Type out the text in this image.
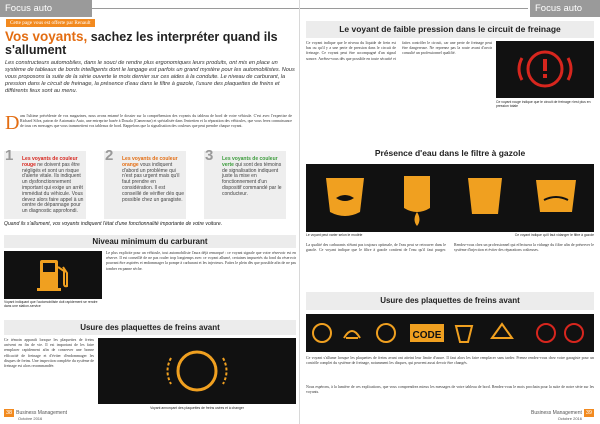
Focus auto
Cette page vous est offerte par Renault
Vos voyants, sachez les interpréter quand ils s'allument
Les constructeurs automobiles, dans le souci de rendre plus ergonomiques leurs produits, ont mis en place un système de tableaux de bords intelligents dont le langage est parfois un grand mystère pour les automobilistes. Nous vous proposons la suite de la série ouverte le mois dernier sur ces aides à la conduite. Le niveau de carburant, la pression dans le circuit de freinage, la présence d'eau dans le filtre à gazole, l'usure des plaquettes de freins et différents feux sont au menu.
D ans l'ultime précédente de vos magazines, nous avons entamé le dossier sur la compréhension des voyants du tableau de bord de votre véhicule. C'est avec l'expertise de Richard Silva, patron de Automatic Auto, une entreprise basée à Douala (Cameroun) et spécialisée dans l'entretien et la réparation des véhicules, que vous ferez connaissance de tous ces messages que vous transmettent vos tableaux de bord. Rappelons que la signalisation des couleurs que peut prendre chaque voyant.
1 Les voyants de couleur rouge ne doivent pas être négligés et sont un risque d'alerte vitale. Ils indiquent un dysfonctionnement important qui exige un arrêt immédiat du véhicule. Vous devez alors faire appel à un centre de dépannage pour un diagnostic approfondi.
2 Les voyants de couleur orange vous indiquent d'abord un problème qui n'est pas urgent mais qu'il faut prendre en considération. Il est conseillé de vérifier dès que possible chez un garagiste.
3 Les voyants de couleur verte qui sont des témoins de signalisation indiquent juste la mise en fonctionnement d'un dispositif commandé par le conducteur.
Quand ils s'allument, vos voyants indiquent l'état d'une fonctionnalité importante de votre voiture.
Niveau minimum du carburant
Voyant indiquant que l'automobiliste doit rapidement se rendre dans une station-service
Le plus explicite pour un véhicule, tout automobiliste l'aura déjà remarqué : ce voyant signale que votre réservoir est en réserve. Il est conseillé de ne pas rouler trop longtemps avec ce voyant allumé, certaines impuretés du fond du réservoir pouvant être aspirées et endommager la pompe à carburant et les injecteurs. Faites le plein dès que possible afin de ne pas tomber en panne sèche.
Usure des plaquettes de freins avant
Ce témoin apparaît lorsque les plaquettes de freins arrivent en fin de vie. Il est important de les faire remplacer rapidement afin de conserver une bonne efficacité de freinage et d'éviter d'endommager les disques de freins. Une inspection complète du système de freinage est alors recommandée.
Voyant annonçant des plaquettes de freins usées et à changer
38 Business Management
Octobre 2016
Focus auto
Le voyant de faible pression dans le circuit de freinage
Ce voyant indique que le niveau du liquide de frein est bas ou qu'il y a une perte de pression dans le circuit de freinage. Ce voyant peut être accompagné d'un signal sonore. Arrêtez-vous dès que possible en toute sécurité et faites contrôler le circuit, car une perte de freinage peut être dangereuse. Ne reprenez pas la route avant d'avoir consulté un professionnel qualifié.
Ce voyant rouge indique que le circuit de freinage n'est plus en pression totale
Présence d'eau dans le filtre à gazole
Le voyant peut varier selon le modèle	Ce voyant indique qu'il faut vidanger le filtre à gazole
La qualité des carburants n'étant pas toujours optimale, de l'eau peut se retrouver dans le gazole. Ce voyant indique que le filtre à gazole contient de l'eau qu'il faut purger. Rendez-vous chez un professionnel qui effectuera la vidange du filtre afin de préserver le système d'injection et éviter des réparations coûteuses.
Usure des plaquettes de freins avant
CODE
Ce voyant s'allume lorsque les plaquettes de freins avant ont atteint leur limite d'usure. Il faut alors les faire remplacer sans tarder. Prenez rendez-vous chez votre garagiste pour un contrôle complet du système de freinage, notamment les disques, qui peuvent aussi devoir être changés.
Nous espérons, à la lumière de ces explications, que vous comprendrez mieux les messages de votre tableau de bord. Rendez-vous le mois prochain pour la suite de notre série sur les voyants.
Business Management 39
Octobre 2016
